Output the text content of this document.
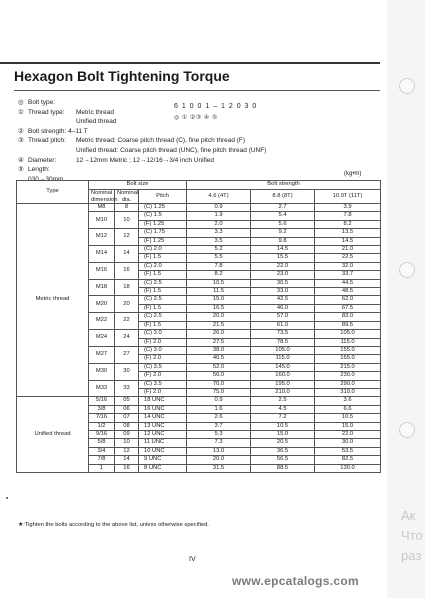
Hexagon Bolt Tightening Torque
◎ Bolt type:
① Thread type: Metric thread
Unified thread
② Bolt strength: 4–11 T
③ Thread pitch: Metric thread: Coarse pitch thread (C), fine pitch thread (F)
Unified thread: Coarse pitch thread (UNC), fine pitch thread (UNF)
④ Diameter:	12→12mm Metric ; 12→12/16→3/4 inch Unified
⑤ Length:
030→30mm
6 1 0 0 1 – 1 2 0 3 0
◎ ① ②③ ④ ⑤
(kg•m)
Type	Bolt size			Bolt strength		
	Nominal dimension	Nominal dia.	Pitch	4.6 (4T)	8.8 (8T)	10.9T (11T)
Metric thread	M8	8	(C) 1.25	0.9	2.7	3.9
	M10	10	(C) 1.5	1.9	5.4	7.8
			(F) 1.25	2.0	5.6	8.2
	M12	12	(C) 1.75	3.3	9.2	13.5
			(F) 1.25	3.5	9.8	14.5
	M14	14	(C) 2.0	5.2	14.5	21.0
			(F) 1.5	5.5	15.5	22.5
	M16	16	(C) 2.0	7.8	22.0	32.0
			(F) 1.5	8.2	23.0	33.7
	M18	18	(C) 2.5	10.5	30.5	44.5
			(F) 1.5	11.5	33.0	48.5
	M20	20	(C) 2.5	15.0	42.5	62.0
			(F) 1.5	16.5	46.0	67.5
	M22	22	(C) 2.5	20.0	57.0	83.0
			(F) 1.5	21.5	61.0	89.5
	M24	24	(C) 3.0	26.0	73.5	105.0
			(F) 2.0	27.5	78.5	115.0
	M27	27	(C) 3.0	38.0	105.0	155.0
			(F) 2.0	40.5	115.0	165.0
	M30	30	(C) 3.5	52.0	145.0	215.0
			(F) 2.0	56.0	160.0	230.0
	M33	33	(C) 3.5	70.0	195.0	290.0
			(F) 2.0	75.0	210.0	310.0
Unified thread	5/16	05	18 UNC	0.9	2.5	3.6
	3/8	06	16 UNC	1.6	4.5	6.6
	7/16	07	14 UNC	2.6	7.2	10.5
	1/2	08	13 UNC	3.7	10.5	15.0
	9/16	09	12 UNC	5.3	15.0	22.0
	5/8	10	11 UNC	7.3	20.5	30.0
	3/4	12	10 UNC	13.0	36.5	53.5
	7/8	14	9 UNC	20.0	56.5	82.5
	1	16	8 UNC	31.5	88.5	130.0
★:Tighten the bolts according to the above list, unless otherwise specified.
IV
www.epcatalogs.com
Ак
Что
раз
